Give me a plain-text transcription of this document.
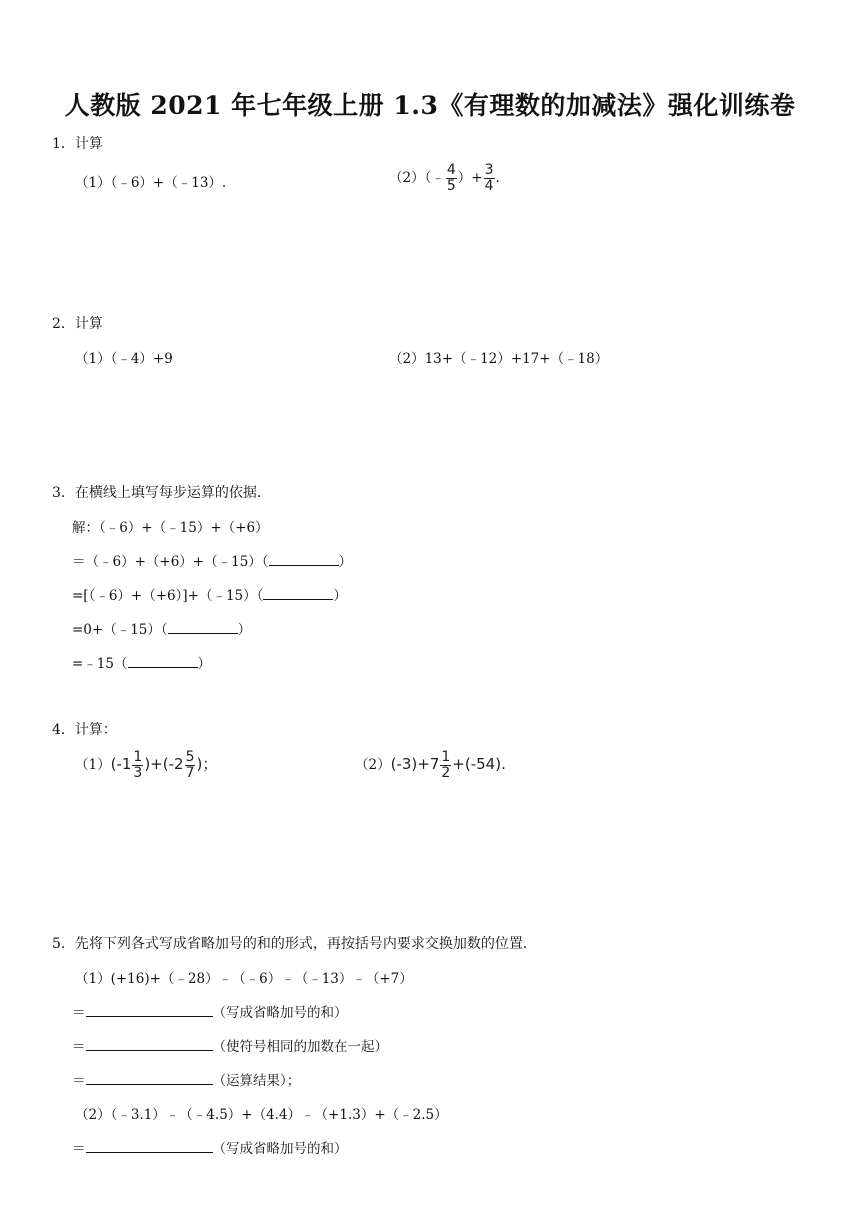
人教版 2021 年七年级上册 1.3《有理数的加减法》强化训练卷
1．计算
（1）（﹣6）+（﹣13）.	（2）（﹣ $\frac{4}{5}$ ）+ $\frac{3}{4}$ .
2．计算
（1）（﹣4）+9	（2）13+（﹣12）+17+（﹣18）
3．在横线上填写每步运算的依据．
解：（﹣6）+（﹣15）+（+6）
＝（﹣6）+（+6）+（﹣15）（	）
=[（﹣6）+（+6）]+（﹣15）（	）
=0+（﹣15）（	）
=﹣15（	）
4．计算：
$(1)(-1 \frac{1}{3} )+(-2 \frac{5}{7}$ )；	$(2)(-3)+7 \frac{1}{2} +(-54)$.
5．先将下列各式写成省略加号的和的形式，再按括号内要求交换加数的位置．
（1）(+16)+（﹣28）﹣（﹣6）﹣（﹣13）﹣（+7）
＝	（写成省略加号的和）
＝	（使符号相同的加数在一起）
＝	（运算结果）；
（2）（﹣3.1）﹣（﹣4.5）+（4.4）﹣（+1.3）+（﹣2.5）
＝	（写成省略加号的和）
